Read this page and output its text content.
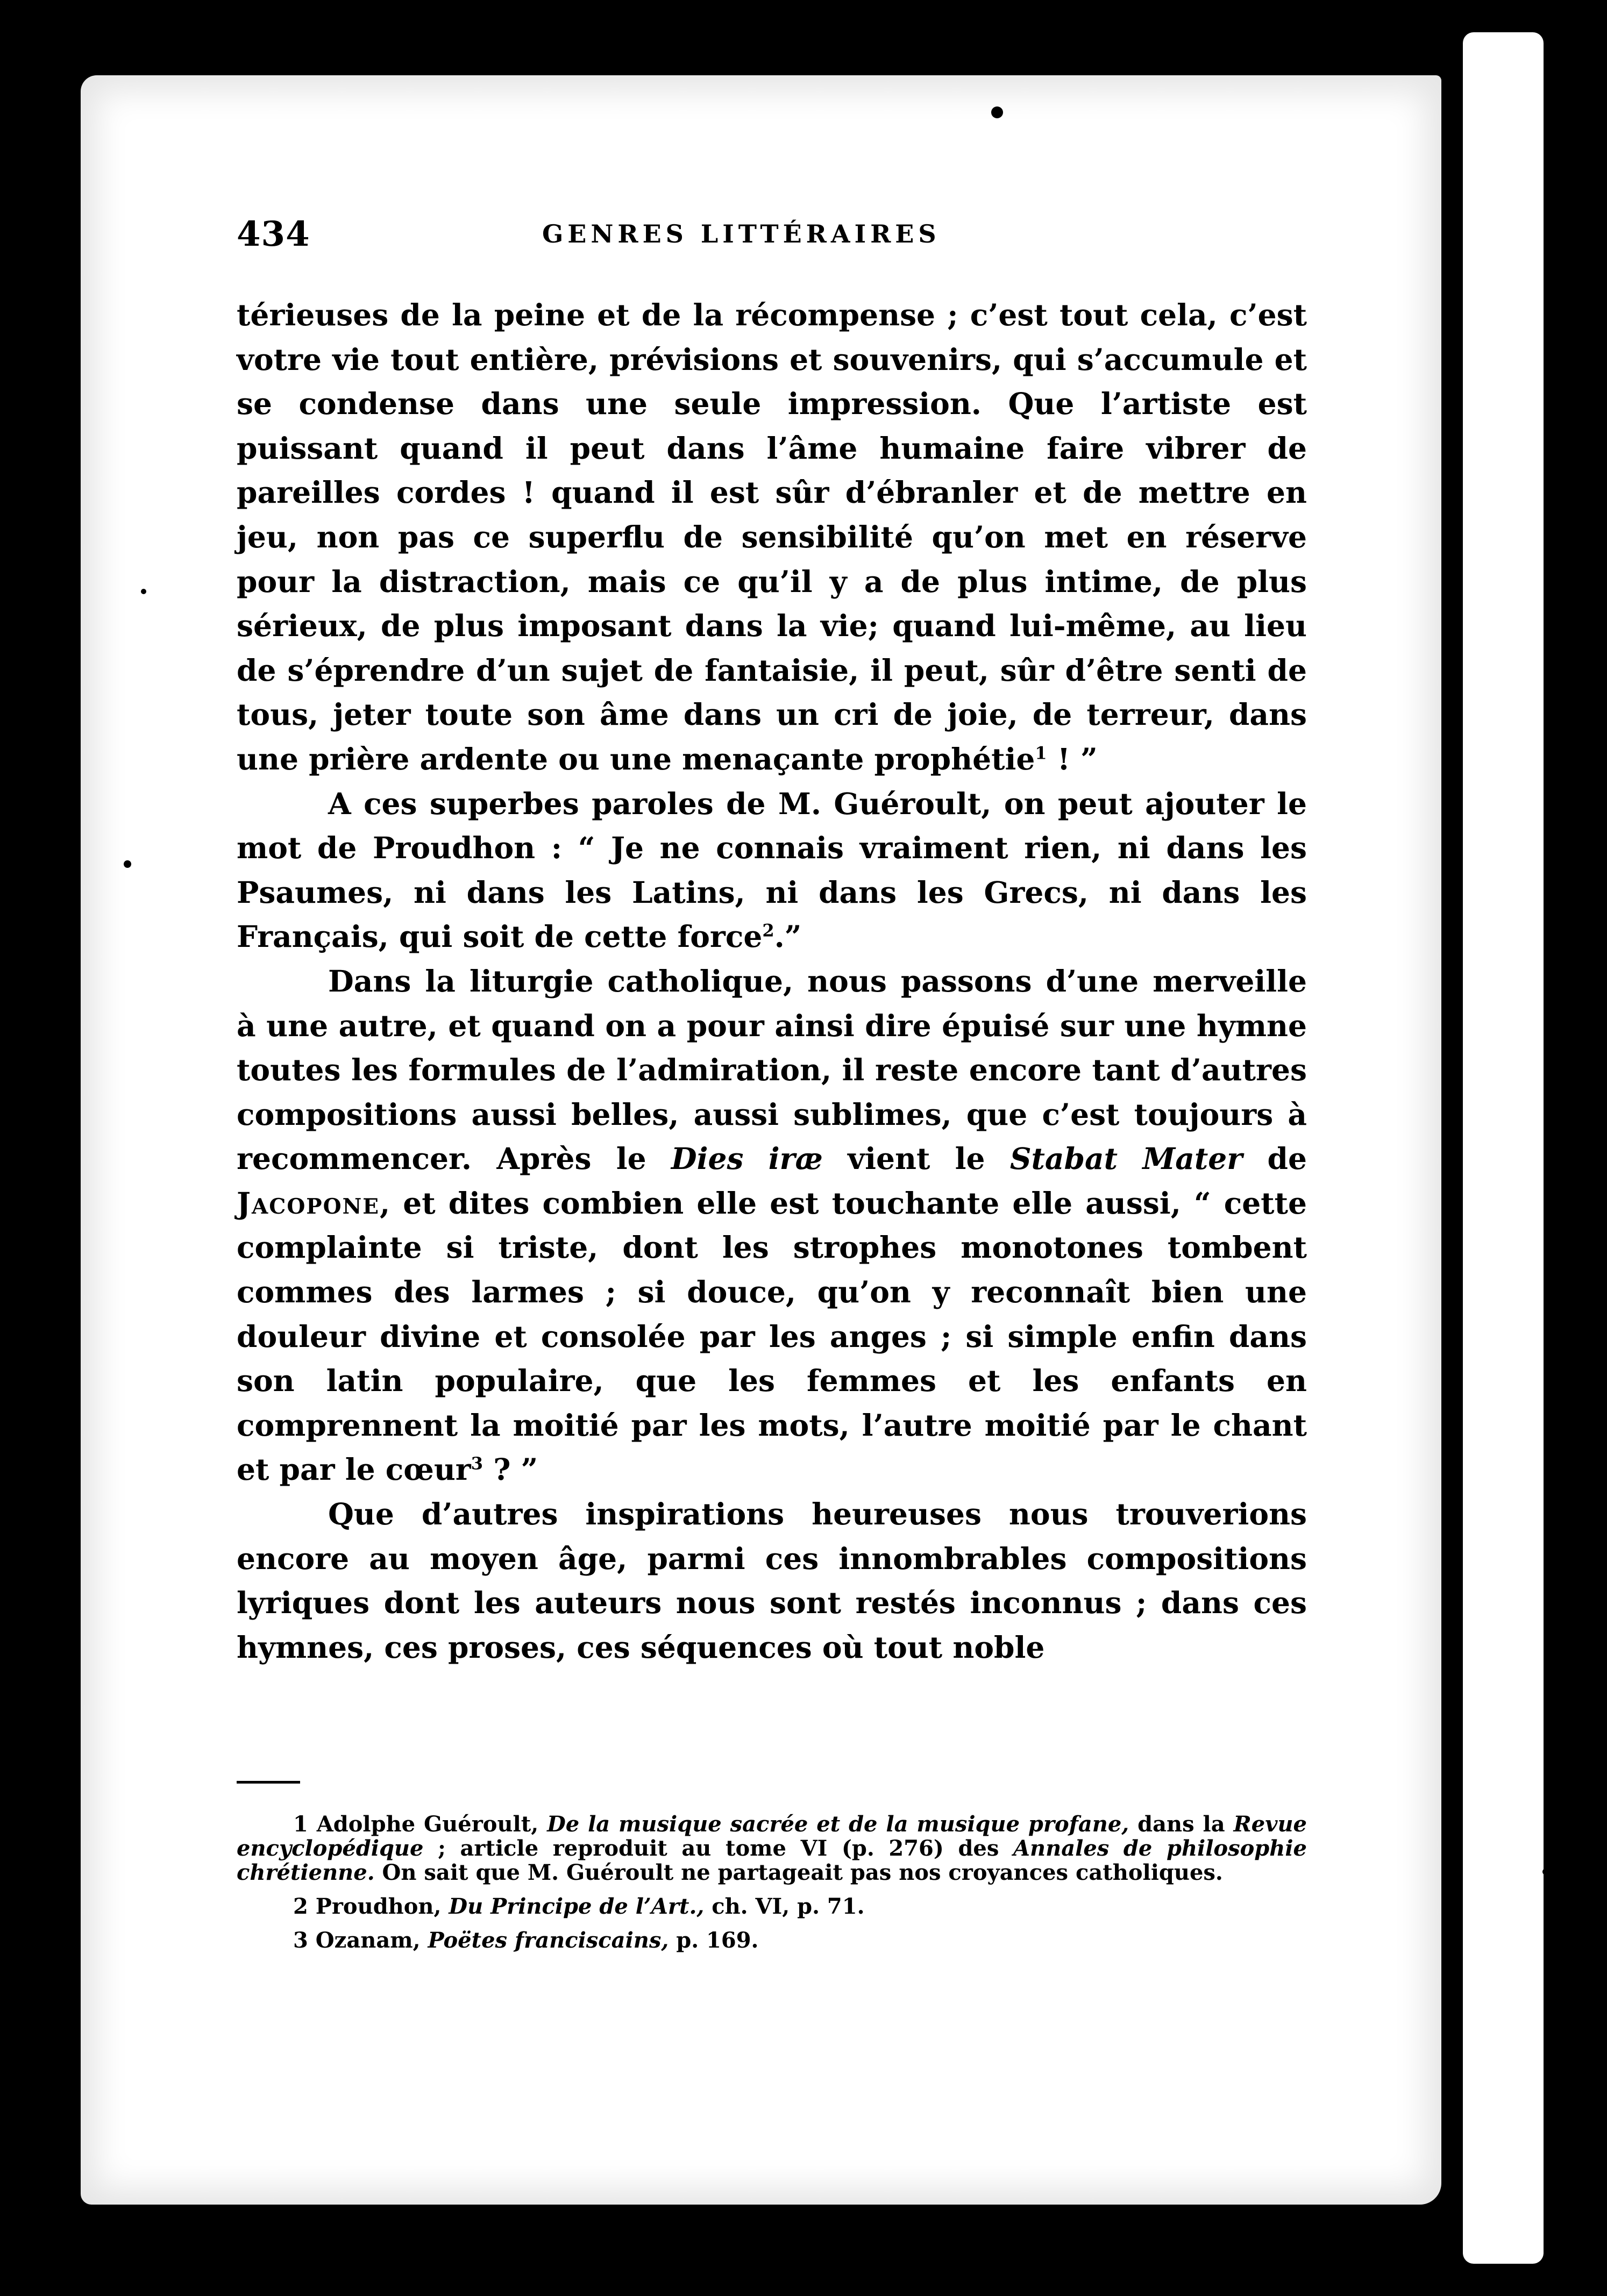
434	GENRES LITTÉRAIRES

térieuses de la peine et de la récompense ; c’est tout cela, c’est votre vie tout entière, prévisions et souvenirs, qui s’accumule et se condense dans une seule impression. Que l’artiste est puissant quand il peut dans l’âme humaine faire vibrer de pareilles cordes ! quand il est sûr d’ébranler et de mettre en jeu, non pas ce superflu de sensibilité qu’on met en réserve pour la distraction, mais ce qu’il y a de plus intime, de plus sérieux, de plus imposant dans la vie; quand lui-même, au lieu de s’éprendre d’un sujet de fantaisie, il peut, sûr d’être senti de tous, jeter toute son âme dans un cri de joie, de terreur, dans une prière ardente ou une menaçante prophétie$^1$ ! ”

A ces superbes paroles de M. Guéroult, on peut ajouter le mot de Proudhon : “ Je ne connais vraiment rien, ni dans les Psaumes, ni dans les Latins, ni dans les Grecs, ni dans les Français, qui soit de cette force$^2$.”

Dans la liturgie catholique, nous passons d’une merveille à une autre, et quand on a pour ainsi dire épuisé sur une hymne toutes les formules de l’admiration, il reste encore tant d’autres compositions aussi belles, aussi sublimes, que c’est toujours à recommencer. Après le Dies iræ vient le Stabat Mater de Jacopone, et dites combien elle est touchante elle aussi, “ cette complainte si triste, dont les strophes monotones tombent commes des larmes ; si douce, qu’on y reconnaît bien une douleur divine et consolée par les anges ; si simple enfin dans son latin populaire, que les femmes et les enfants en comprennent la moitié par les mots, l’autre moitié par le chant et par le cœur$^3$ ? ”

Que d’autres inspirations heureuses nous trouverions encore au moyen âge, parmi ces innombrables compositions lyriques dont les auteurs nous sont restés inconnus ; dans ces hymnes, ces proses, ces séquences où tout noble

1 Adolphe Guéroult, De la musique sacrée et de la musique profane, dans la Revue encyclopédique ; article reproduit au tome VI (p. 276) des Annales de philosophie chrétienne. On sait que M. Guéroult ne partageait pas nos croyances catholiques.

2 Proudhon, Du Principe de l’Art., ch. VI, p. 71.

3 Ozanam, Poëtes franciscains, p. 169.
